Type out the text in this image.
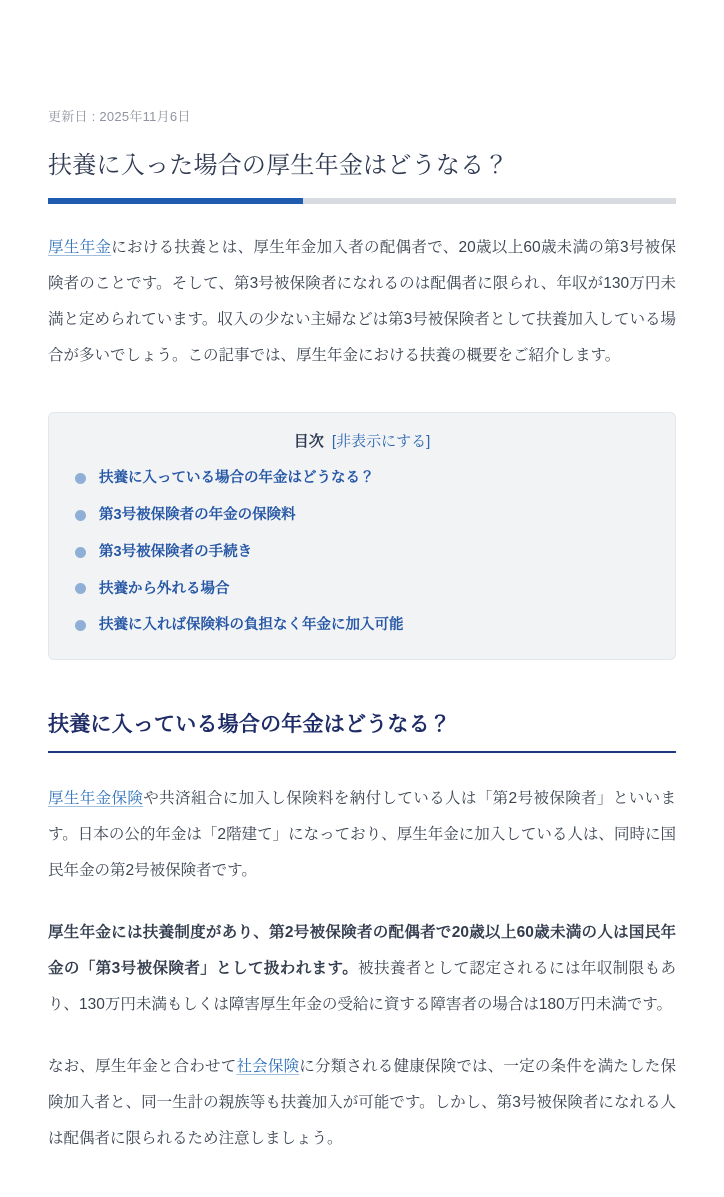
更新日 : 2025年11月6日
扶養に入った場合の厚生年金はどうなる？

厚生年金における扶養とは、厚生年金加入者の配偶者で、20歳以上60歳未満の第3号被保険者のことです。そして、第3号被保険者になれるのは配偶者に限られ、年収が130万円未満と定められています。収入の少ない主婦などは第3号被保険者として扶養加入している場合が多いでしょう。この記事では、厚生年金における扶養の概要をご紹介します。

目次 [非表示にする]
扶養に入っている場合の年金はどうなる？
第3号被保険者の年金の保険料
第3号被保険者の手続き
扶養から外れる場合
扶養に入れば保険料の負担なく年金に加入可能
扶養に入っている場合の年金はどうなる？

厚生年金保険や共済組合に加入し保険料を納付している人は「第2号被保険者」といいます。日本の公的年金は「2階建て」になっており、厚生年金に加入している人は、同時に国民年金の第2号被保険者です。

厚生年金には扶養制度があり、第2号被保険者の配偶者で20歳以上60歳未満の人は国民年金の「第3号被保険者」として扱われます。被扶養者として認定されるには年収制限もあり、130万円未満もしくは障害厚生年金の受給に資する障害者の場合は180万円未満です。

なお、厚生年金と合わせて社会保険に分類される健康保険では、一定の条件を満たした保険加入者と、同一生計の親族等も扶養加入が可能です。しかし、第3号被保険者になれる人は配偶者に限られるため注意しましょう。
